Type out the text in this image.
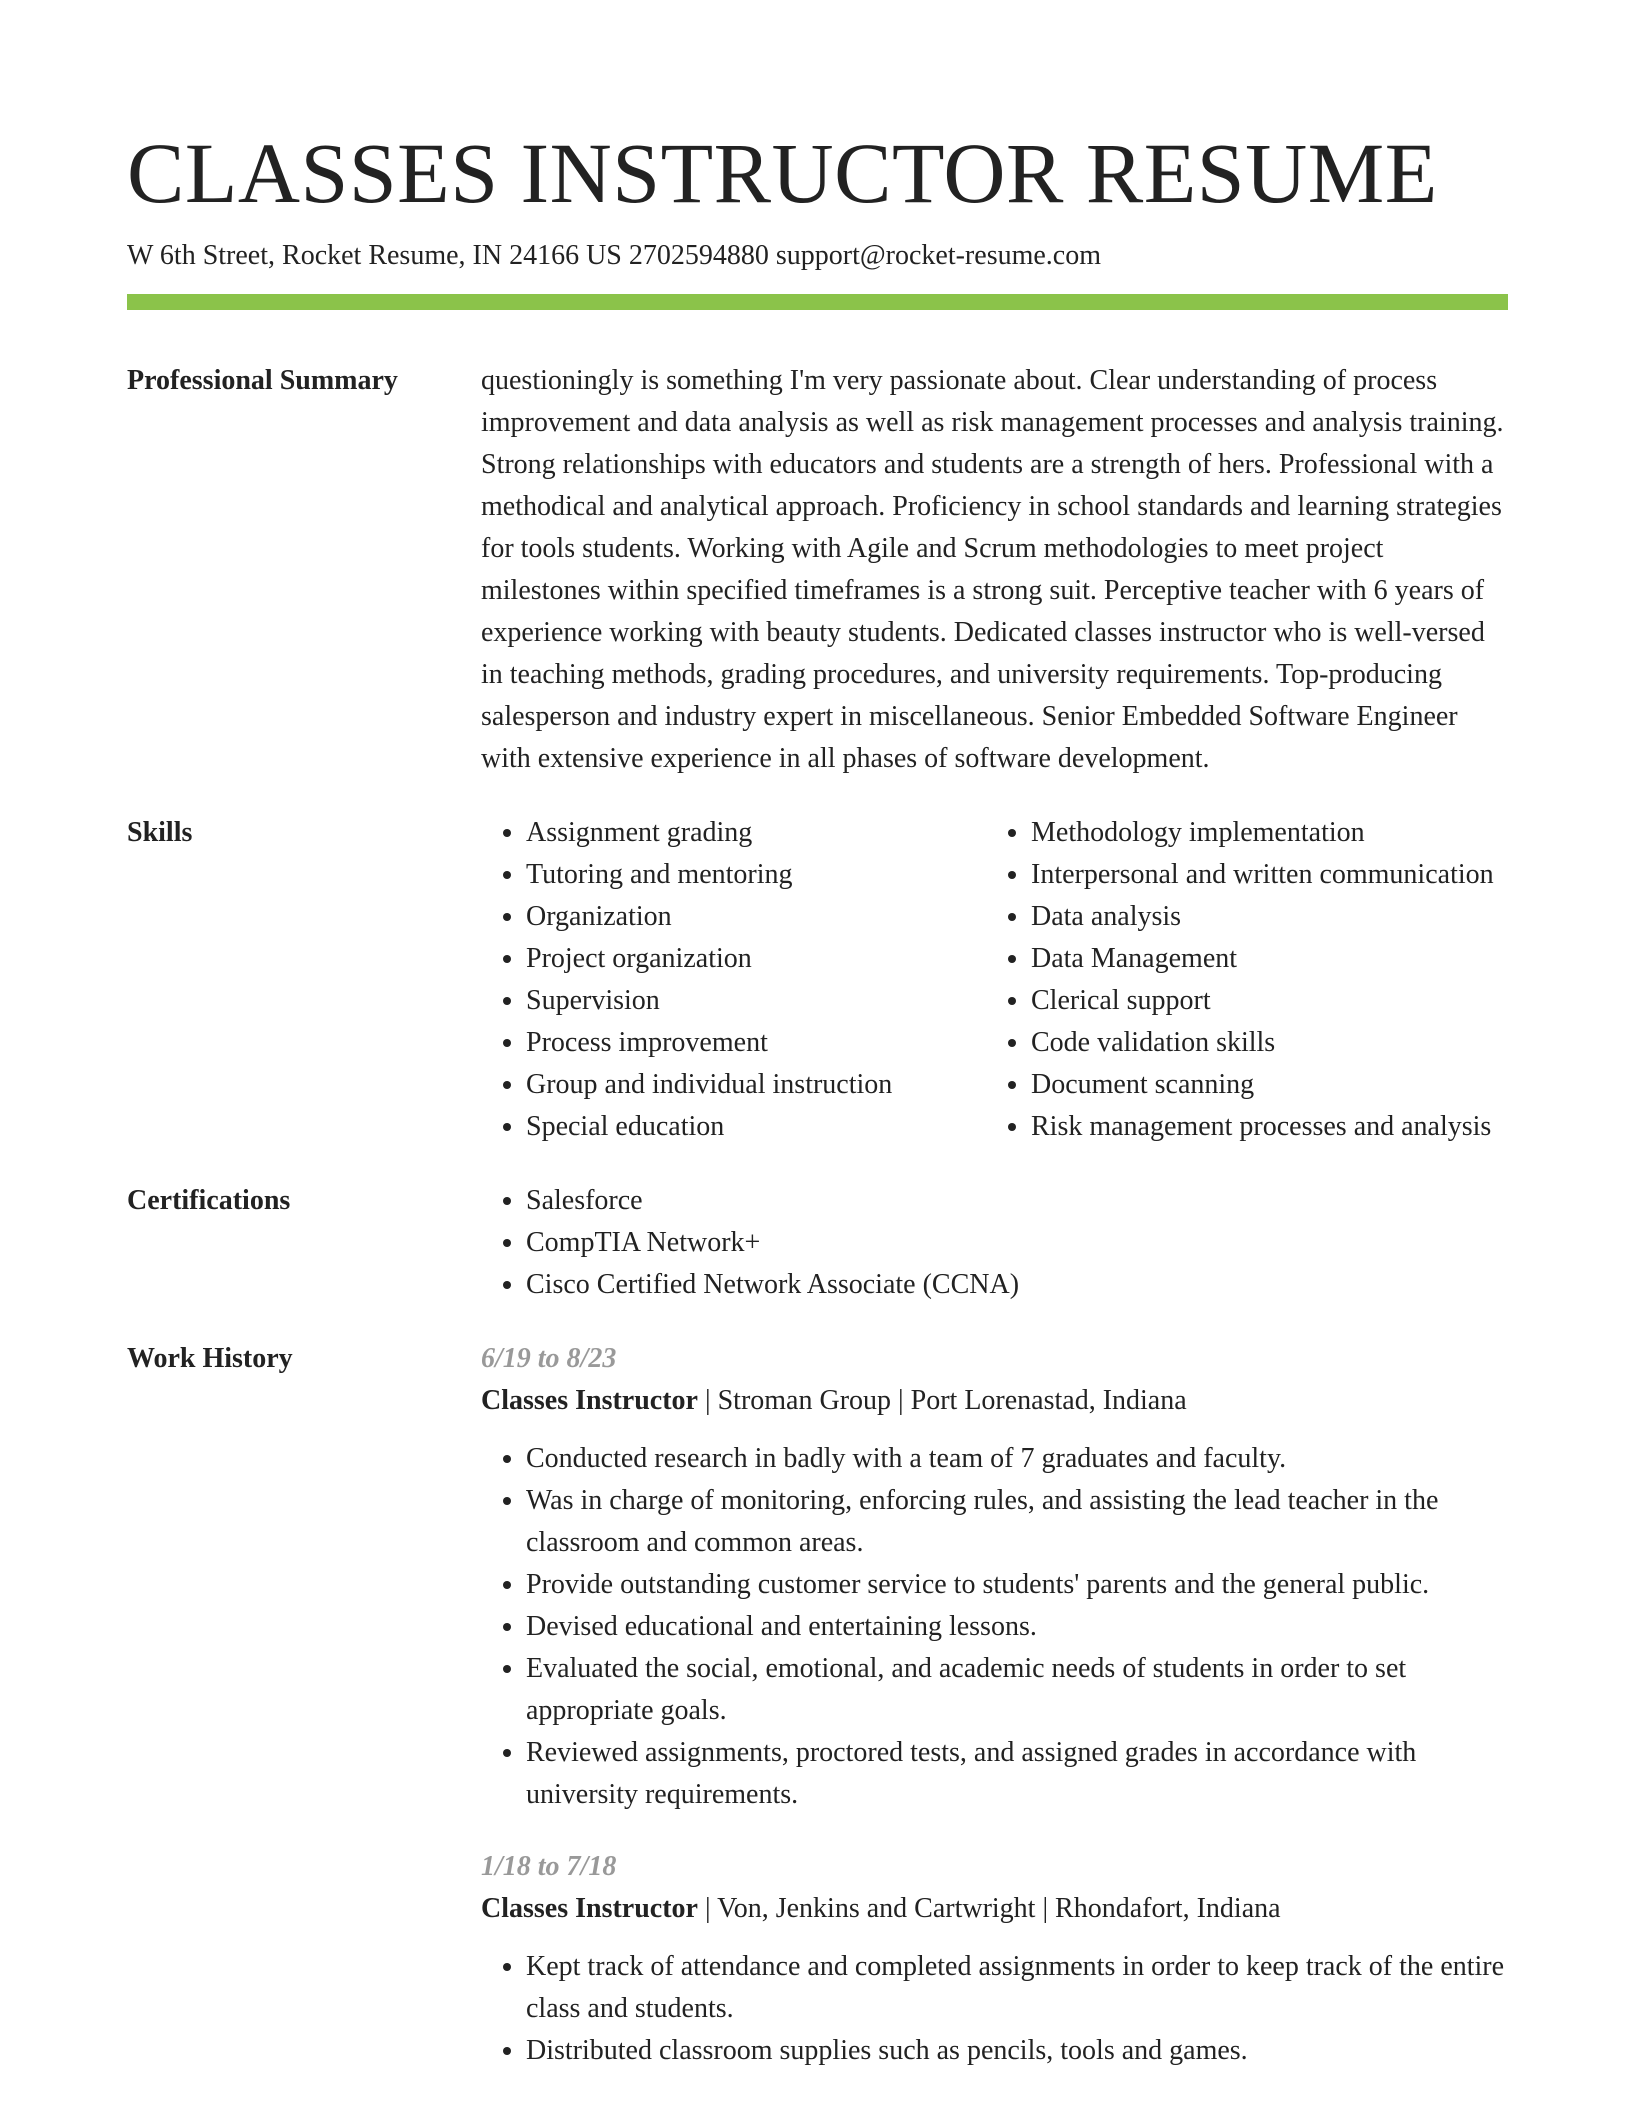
CLASSES INSTRUCTOR RESUME
W 6th Street, Rocket Resume, IN 24166 US 2702594880 support@rocket-resume.com
Professional Summary	questioningly is something I'm very passionate about. Clear understanding of process improvement and data analysis as well as risk management processes and analysis training. Strong relationships with educators and students are a strength of hers. Professional with a methodical and analytical approach. Proficiency in school standards and learning strategies for tools students. Working with Agile and Scrum methodologies to meet project milestones within specified timeframes is a strong suit. Perceptive teacher with 6 years of experience working with beauty students. Dedicated classes instructor who is well-versed in teaching methods, grading procedures, and university requirements. Top-producing salesperson and industry expert in miscellaneous. Senior Embedded Software Engineer with extensive experience in all phases of software development.

Skills	• Assignment grading
• Tutoring and mentoring
• Organization
• Project organization
• Supervision
• Process improvement
• Group and individual instruction
• Special education
• Methodology implementation
• Interpersonal and written communication
• Data analysis
• Data Management
• Clerical support
• Code validation skills
• Document scanning
• Risk management processes and analysis
Certifications	• Salesforce
• CompTIA Network+
• Cisco Certified Network Associate (CCNA)
Work History	6/19 to 8/23
Classes Instructor | Stroman Group | Port Lorenastad, Indiana
• Conducted research in badly with a team of 7 graduates and faculty.
• Was in charge of monitoring, enforcing rules, and assisting the lead teacher in the classroom and common areas.
• Provide outstanding customer service to students' parents and the general public.
• Devised educational and entertaining lessons.
• Evaluated the social, emotional, and academic needs of students in order to set appropriate goals.
• Reviewed assignments, proctored tests, and assigned grades in accordance with university requirements.
1/18 to 7/18
Classes Instructor | Von, Jenkins and Cartwright | Rhondafort, Indiana
• Kept track of attendance and completed assignments in order to keep track of the entire class and students.
• Distributed classroom supplies such as pencils, tools and games.
